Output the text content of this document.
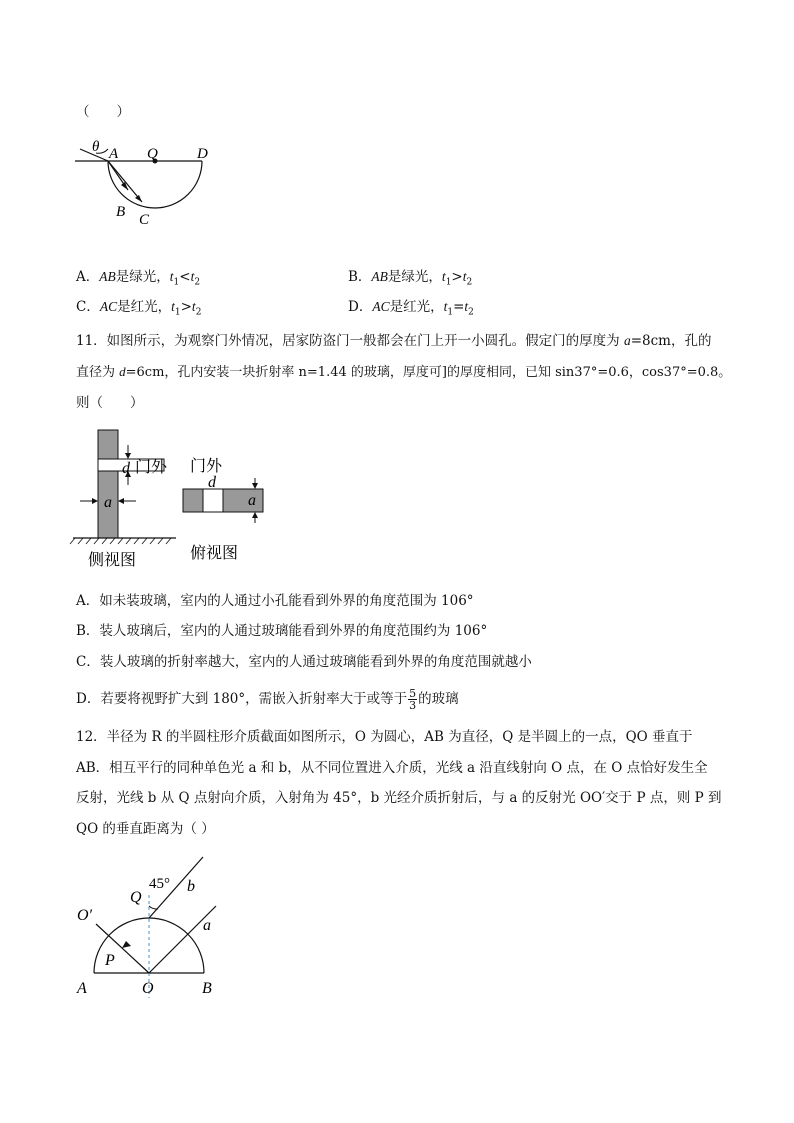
（　　）
θ A Q	D
B C
A．AB是绿光，$t_1<t_2$	B．AB是绿光，$t_1>t_2$
C．AC是红光，$t_1>t_2$	D．AC是红光，$t_1=t_2$
11．如图所示，为观察门外情况，居家防盗门一般都会在门上开一小圆孔。假定门的厚度为 a=8cm，孔的
直径为 d=6cm，孔内安装一块折射率 n=1.44 的玻璃，厚度可]的厚度相同，已知 sin37°=0.6，cos37°=0.8。
则（　　）
d 门外
a
侧视图
门外
d
a
俯视图
A．如未装玻璃，室内的人通过小孔能看到外界的角度范围为 106°
B．装人玻璃后，室内的人通过玻璃能看到外界的角度范围约为 106°
C．装人玻璃的折射率越大，室内的人通过玻璃能看到外界的角度范围就越小
D．若要将视野扩大到 180°，需嵌入折射率大于或等于 $\frac{5}{3}$ 的玻璃
12．半径为 R 的半圆柱形介质截面如图所示，O 为圆心，AB 为直径，Q 是半圆上的一点，QO 垂直于
AB．相互平行的同种单色光 a 和 b，从不同位置进入介质，光线 a 沿直线射向 O 点，在 O 点恰好发生全
反射，光线 b 从 Q 点射向介质，入射角为 45°，b 光经介质折射后，与 a 的反射光 OO′交于 P 点，则 P 到
QO 的垂直距离为（ ）
Q
45° b
O′
a
P
A	O	B
